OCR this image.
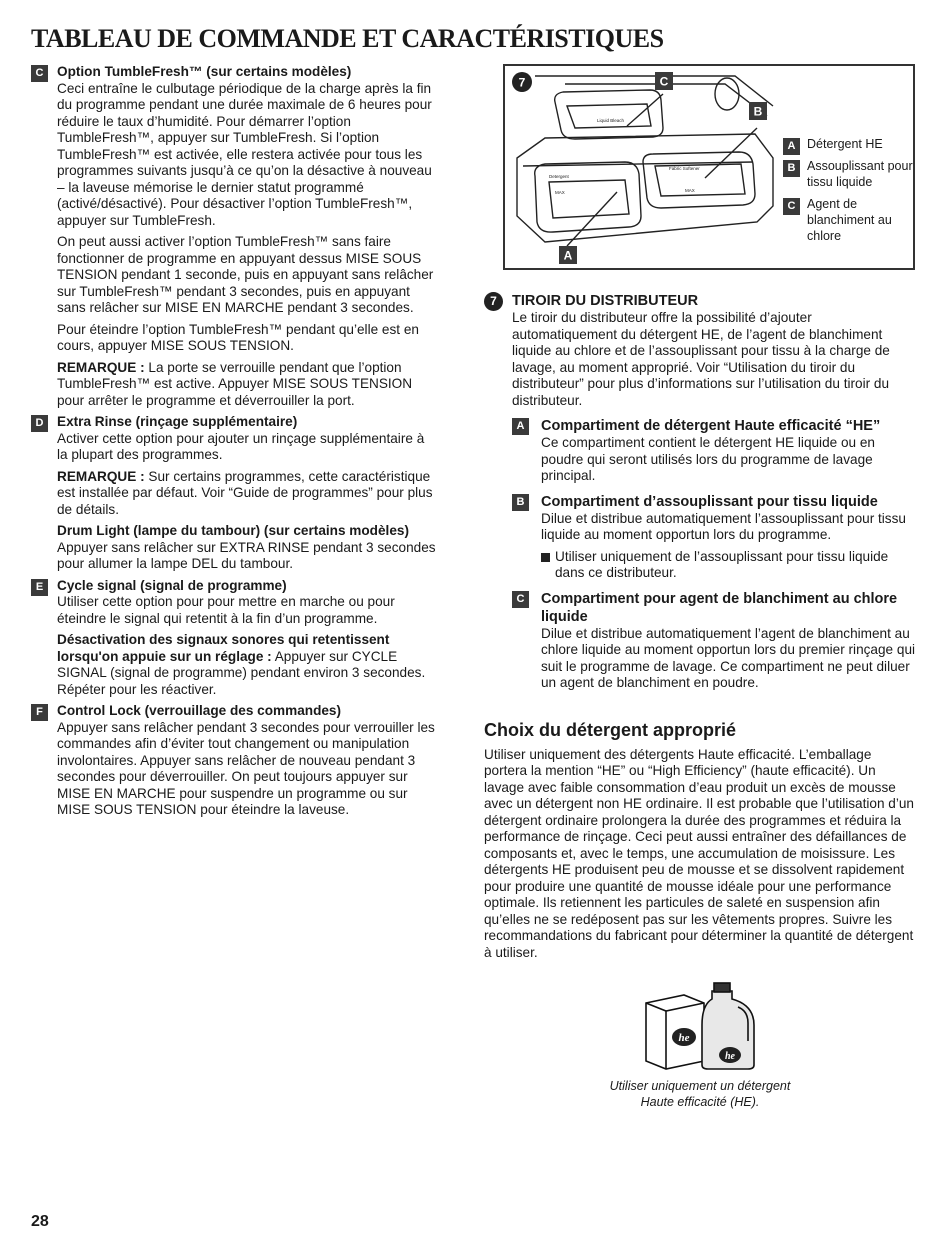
TABLEAU DE COMMANDE ET CARACTÉRISTIQUES
C Option TumbleFresh™ (sur certains modèles)

Ceci entraîne le culbutage périodique de la charge après la fin du programme pendant une durée maximale de 6 heures pour réduire le taux d’humidité. Pour démarrer l’option TumbleFresh™, appuyer sur TumbleFresh. Si l’option TumbleFresh™ est activée, elle restera activée pour tous les programmes suivants jusqu’à ce qu’on la désactive à nouveau – la laveuse mémorise le dernier statut programmé (activé/désactivé). Pour désactiver l’option TumbleFresh™, appuyer sur TumbleFresh.

On peut aussi activer l’option TumbleFresh™ sans faire fonctionner de programme en appuyant dessus MISE SOUS TENSION pendant 1 seconde, puis en appuyant sans relâcher sur TumbleFresh™ pendant 3 secondes, puis en appuyant sans relâcher sur MISE EN MARCHE pendant 3 secondes.

Pour éteindre l’option TumbleFresh™ pendant qu’elle est en cours, appuyer MISE SOUS TENSION.

REMARQUE : La porte se verrouille pendant que l’option TumbleFresh™ est active. Appuyer MISE SOUS TENSION pour arrêter le programme et déverrouiller la port.

D Extra Rinse (rinçage supplémentaire)

Activer cette option pour ajouter un rinçage supplémentaire à la plupart des programmes.

REMARQUE : Sur certains programmes, cette caractéristique est installée par défaut. Voir “Guide de programmes” pour plus de détails.

Drum Light (lampe du tambour) (sur certains modèles)

Appuyer sans relâcher sur EXTRA RINSE pendant 3 secondes pour allumer la lampe DEL du tambour.

E	Cycle signal (signal de programme)

Utiliser cette option pour pour mettre en marche ou pour éteindre le signal qui retentit à la fin d’un programme.

Désactivation des signaux sonores qui retentissent lorsqu'on appuie sur un réglage : Appuyer sur CYCLE SIGNAL (signal de programme) pendant environ 3 secondes. Répéter pour les réactiver.

F	Control Lock (verrouillage des commandes)

Appuyer sans relâcher pendant 3 secondes pour verrouiller les commandes afin d’éviter tout changement ou manipulation involontaires. Appuyer sans relâcher de nouveau pendant 3 secondes pour déverrouiller. On peut toujours appuyer sur MISE EN MARCHE pour suspendre un programme ou sur MISE SOUS TENSION pour éteindre la laveuse.

Liquid Bleach
Detergent
Fabric Softener
MAX	MAX
7	C
B
A
A Détergent HE
B Assouplissant pour tissu liquide
C Agent de blanchiment au chlore
7	TIROIR DU DISTRIBUTEUR

Le tiroir du distributeur offre la possibilité d’ajouter automatiquement du détergent HE, de l’agent de blanchiment liquide au chlore et de l’assouplissant pour tissu à la charge de lavage, au moment approprié. Voir “Utilisation du tiroir du distributeur” pour plus d’informations sur l’utilisation du tiroir du distributeur.

A	Compartiment de détergent Haute efficacité “HE”

Ce compartiment contient le détergent HE liquide ou en poudre qui seront utilisés lors du programme de lavage principal.

B	Compartiment d’assouplissant pour tissu liquide

Dilue et distribue automatiquement l’assouplissant pour tissu liquide au moment opportun lors du programme.

Utiliser uniquement de l’assouplissant pour tissu liquide dans ce distributeur.

C	Compartiment pour agent de blanchiment au chlore liquide

Dilue et distribue automatiquement l’agent de blanchiment au chlore liquide au moment opportun lors du premier rinçage qui suit le programme de lavage. Ce compartiment ne peut diluer un agent de blanchiment en poudre.

Choix du détergent approprié

Utiliser uniquement des détergents Haute efficacité. L’emballage portera la mention “HE” ou “High Efficiency” (haute efficacité). Un lavage avec faible consommation d’eau produit un excès de mousse avec un détergent non HE ordinaire. Il est probable que l’utilisation d’un détergent ordinaire prolongera la durée des programmes et réduira la performance de rinçage. Ceci peut aussi entraîner des défaillances de composants et, avec le temps, une accumulation de moisissure. Les détergents HE produisent peu de mousse et se dissolvent rapidement pour produire une quantité de mousse idéale pour une performance optimale. Ils retiennent les particules de saleté en suspension afin qu’elles ne se redéposent pas sur les vêtements propres. Suivre les recommandations du fabricant pour déterminer la quantité de détergent à utiliser.

he
he
Utiliser uniquement un détergent Haute efficacité (HE).
28
